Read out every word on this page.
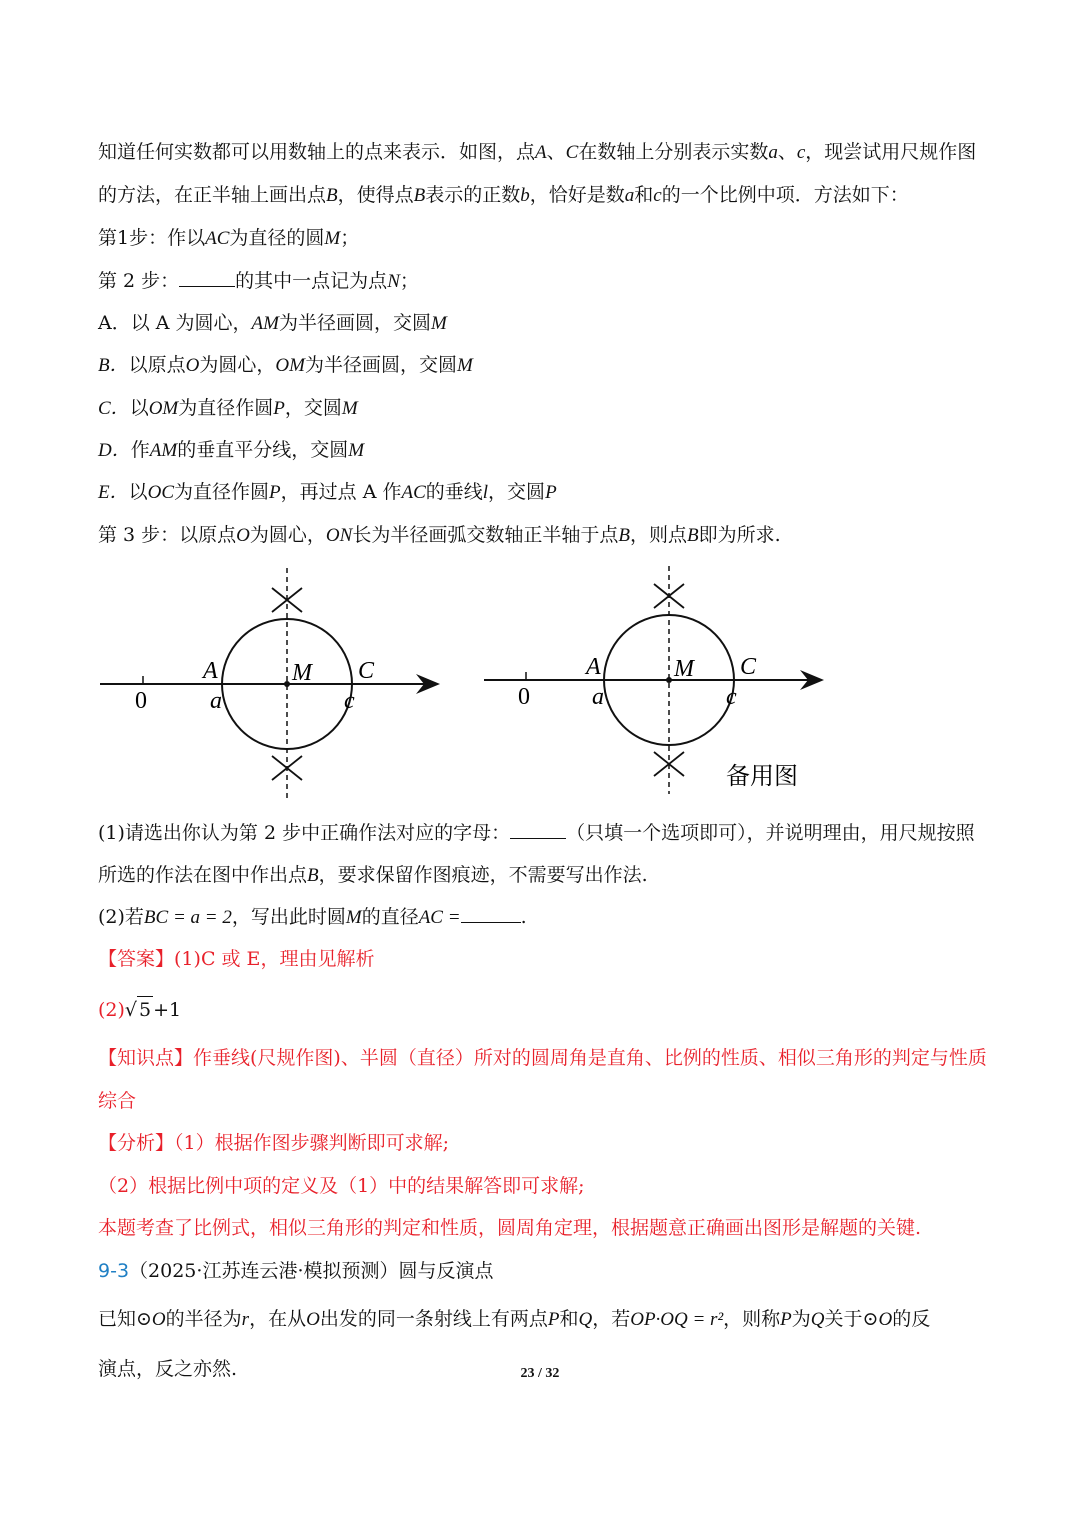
知道任何实数都可以用数轴上的点来表示．如图，点A、C在数轴上分别表示实数a、c，现尝试用尺规作图
的方法，在正半轴上画出点B，使得点B表示的正数b，恰好是数a和c的一个比例中项．方法如下：
第1步：作以AC为直径的圆M；
第 2 步：	的其中一点记为点N；
A．以 A 为圆心，AM为半径画圆，交圆M
B．以原点O为圆心，OM为半径画圆，交圆M
C．以OM为直径作圆P，交圆M
D．作AM的垂直平分线，交圆M
E．以OC为直径作圆P，再过点 A 作AC的垂线l，交圆P
第 3 步：以原点O为圆心，ON长为半径画弧交数轴正半轴于点B，则点B即为所求.
0
A	M C
a	c	0
A	M C
a	c
备用图
(1)请选出你认为第 2 步中正确作法对应的字母：	（只填一个选项即可），并说明理由，用尺规按照
所选的作法在图中作出点B，要求保留作图痕迹，不需要写出作法.
(2)若BC = a = 2，写出此时圆M的直径AC =	.
【答案】(1)C 或 E，理由见解析
(2)√ 5 +1
【知识点】作垂线(尺规作图)、半圆（直径）所对的圆周角是直角、比例的性质、相似三角形的判定与性质
综合
【分析】（1）根据作图步骤判断即可求解;
（2）根据比例中项的定义及（1）中的结果解答即可求解;
本题考查了比例式，相似三角形的判定和性质，圆周角定理，根据题意正确画出图形是解题的关键.
9-3（2025·江苏连云港·模拟预测）圆与反演点
已知⊙O的半径为r，在从O出发的同一条射线上有两点P和Q，若OP·OQ = r²，则称P为Q关于⊙O的反
演点，反之亦然.	23 / 32
